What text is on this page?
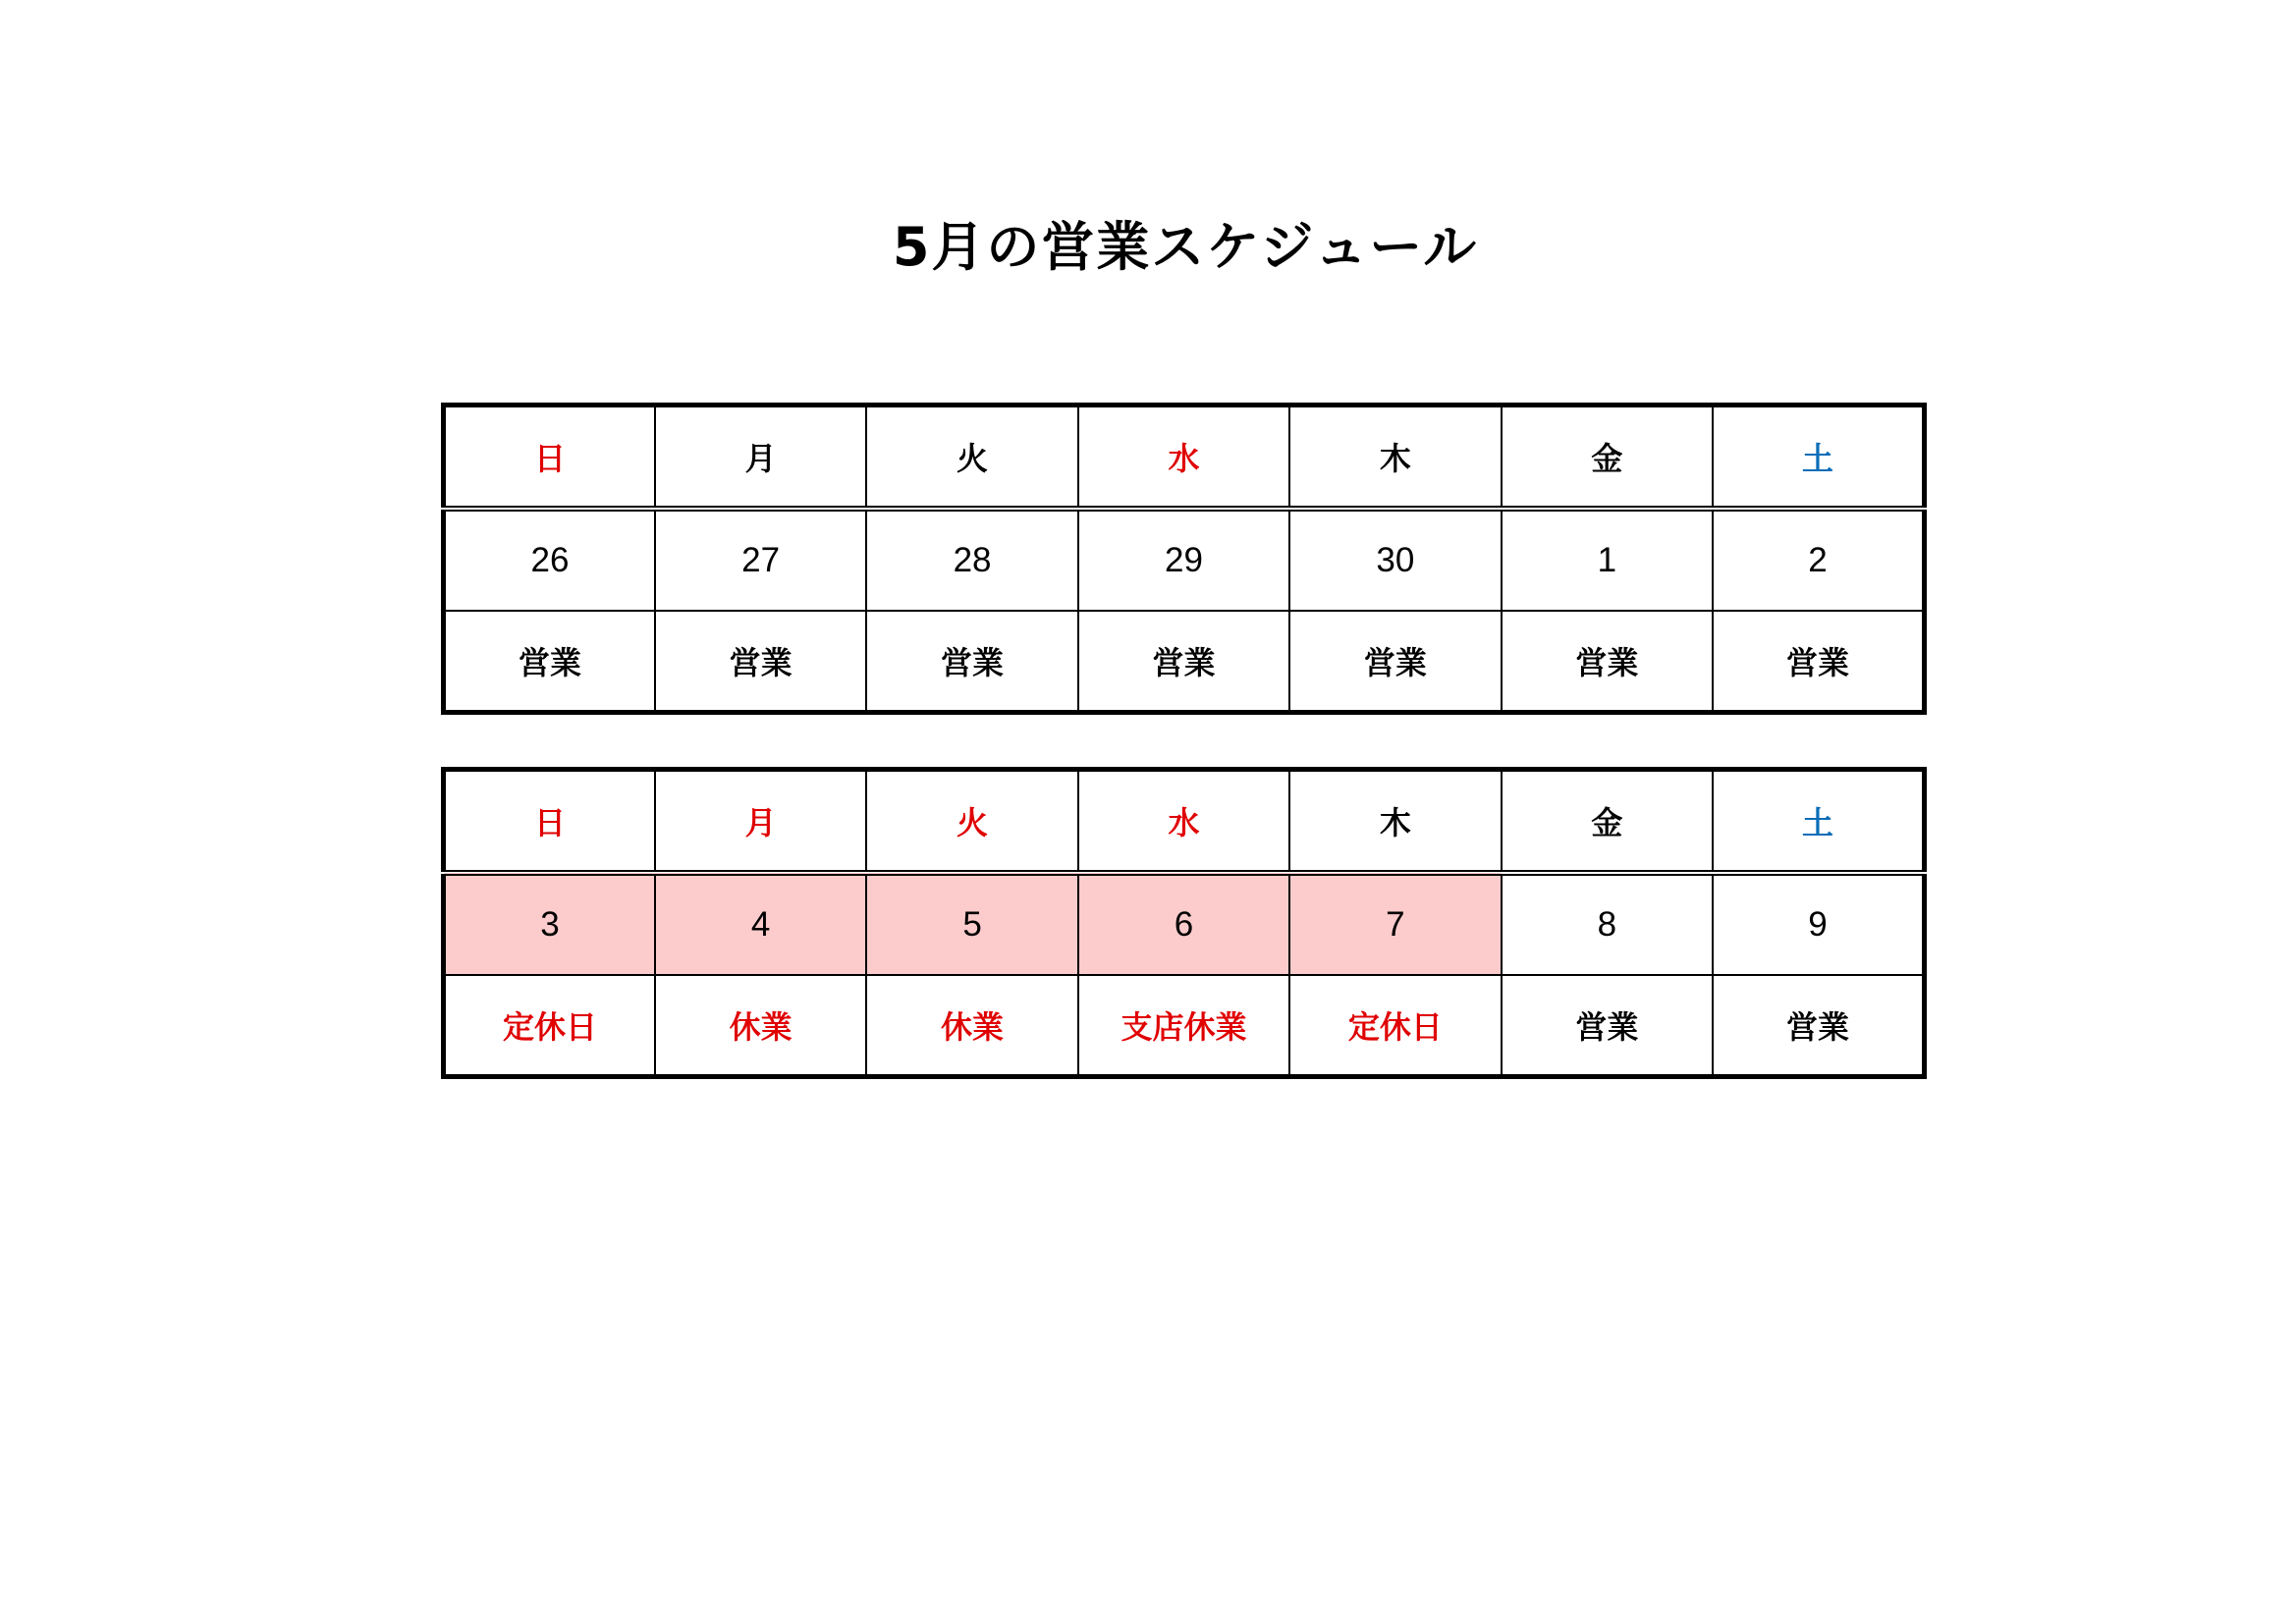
5月の営業スケジュール
日	月	火	水	木	金	土
26	27	28	29	30	1	2
営業	営業	営業	営業	営業	営業	営業
日	月	火	水	木	金	土
3	4	5	6	7	8	9
定休日	休業	休業	支店休業	定休日	営業	営業
